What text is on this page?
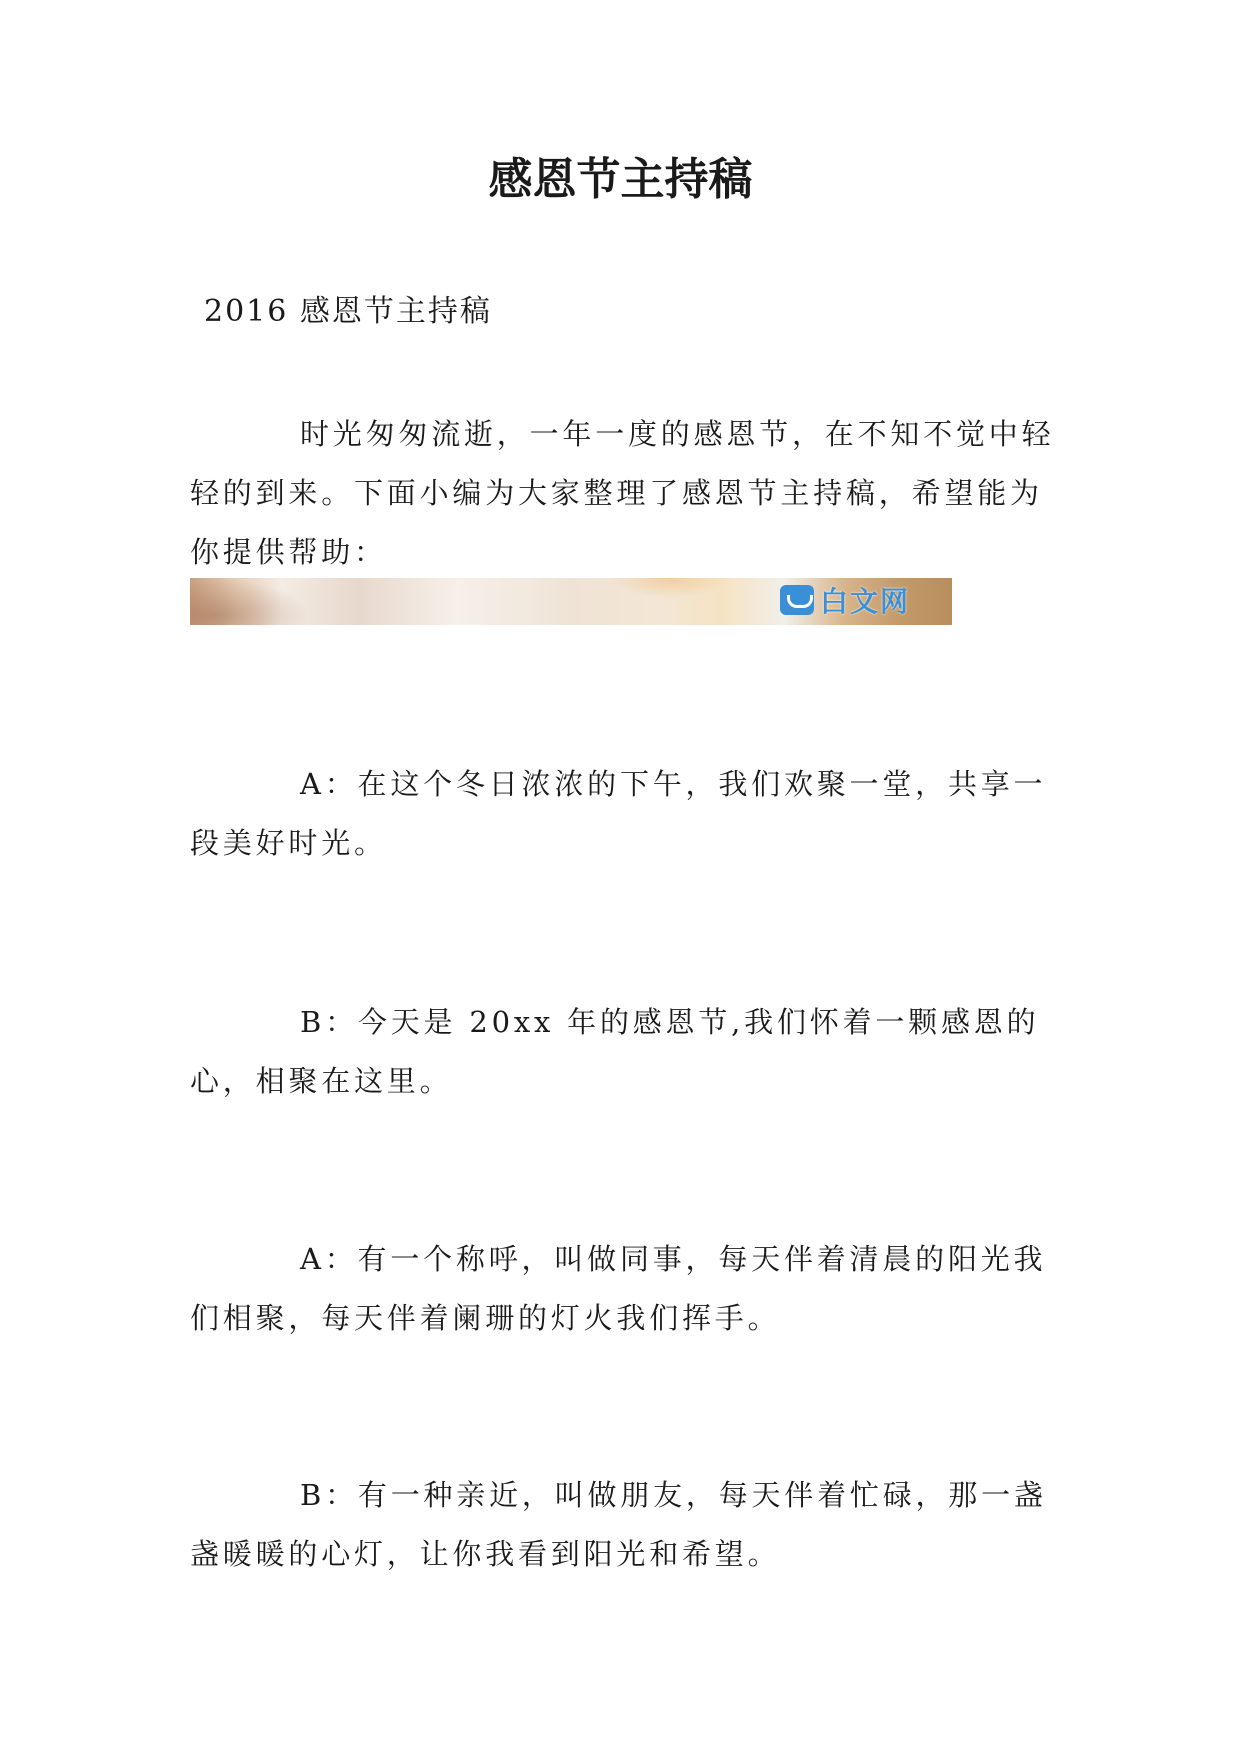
感恩节主持稿

2016 感恩节主持稿

时光匆匆流逝，一年一度的感恩节，在不知不觉中轻轻的到来。下面小编为大家整理了感恩节主持稿，希望能为你提供帮助：

白文网

A：在这个冬日浓浓的下午，我们欢聚一堂，共享一段美好时光。

B：今天是 20xx 年的感恩节,我们怀着一颗感恩的心，相聚在这里。

A：有一个称呼，叫做同事，每天伴着清晨的阳光我们相聚，每天伴着阑珊的灯火我们挥手。

B：有一种亲近，叫做朋友，每天伴着忙碌，那一盏盏暖暖的心灯，让你我看到阳光和希望。
